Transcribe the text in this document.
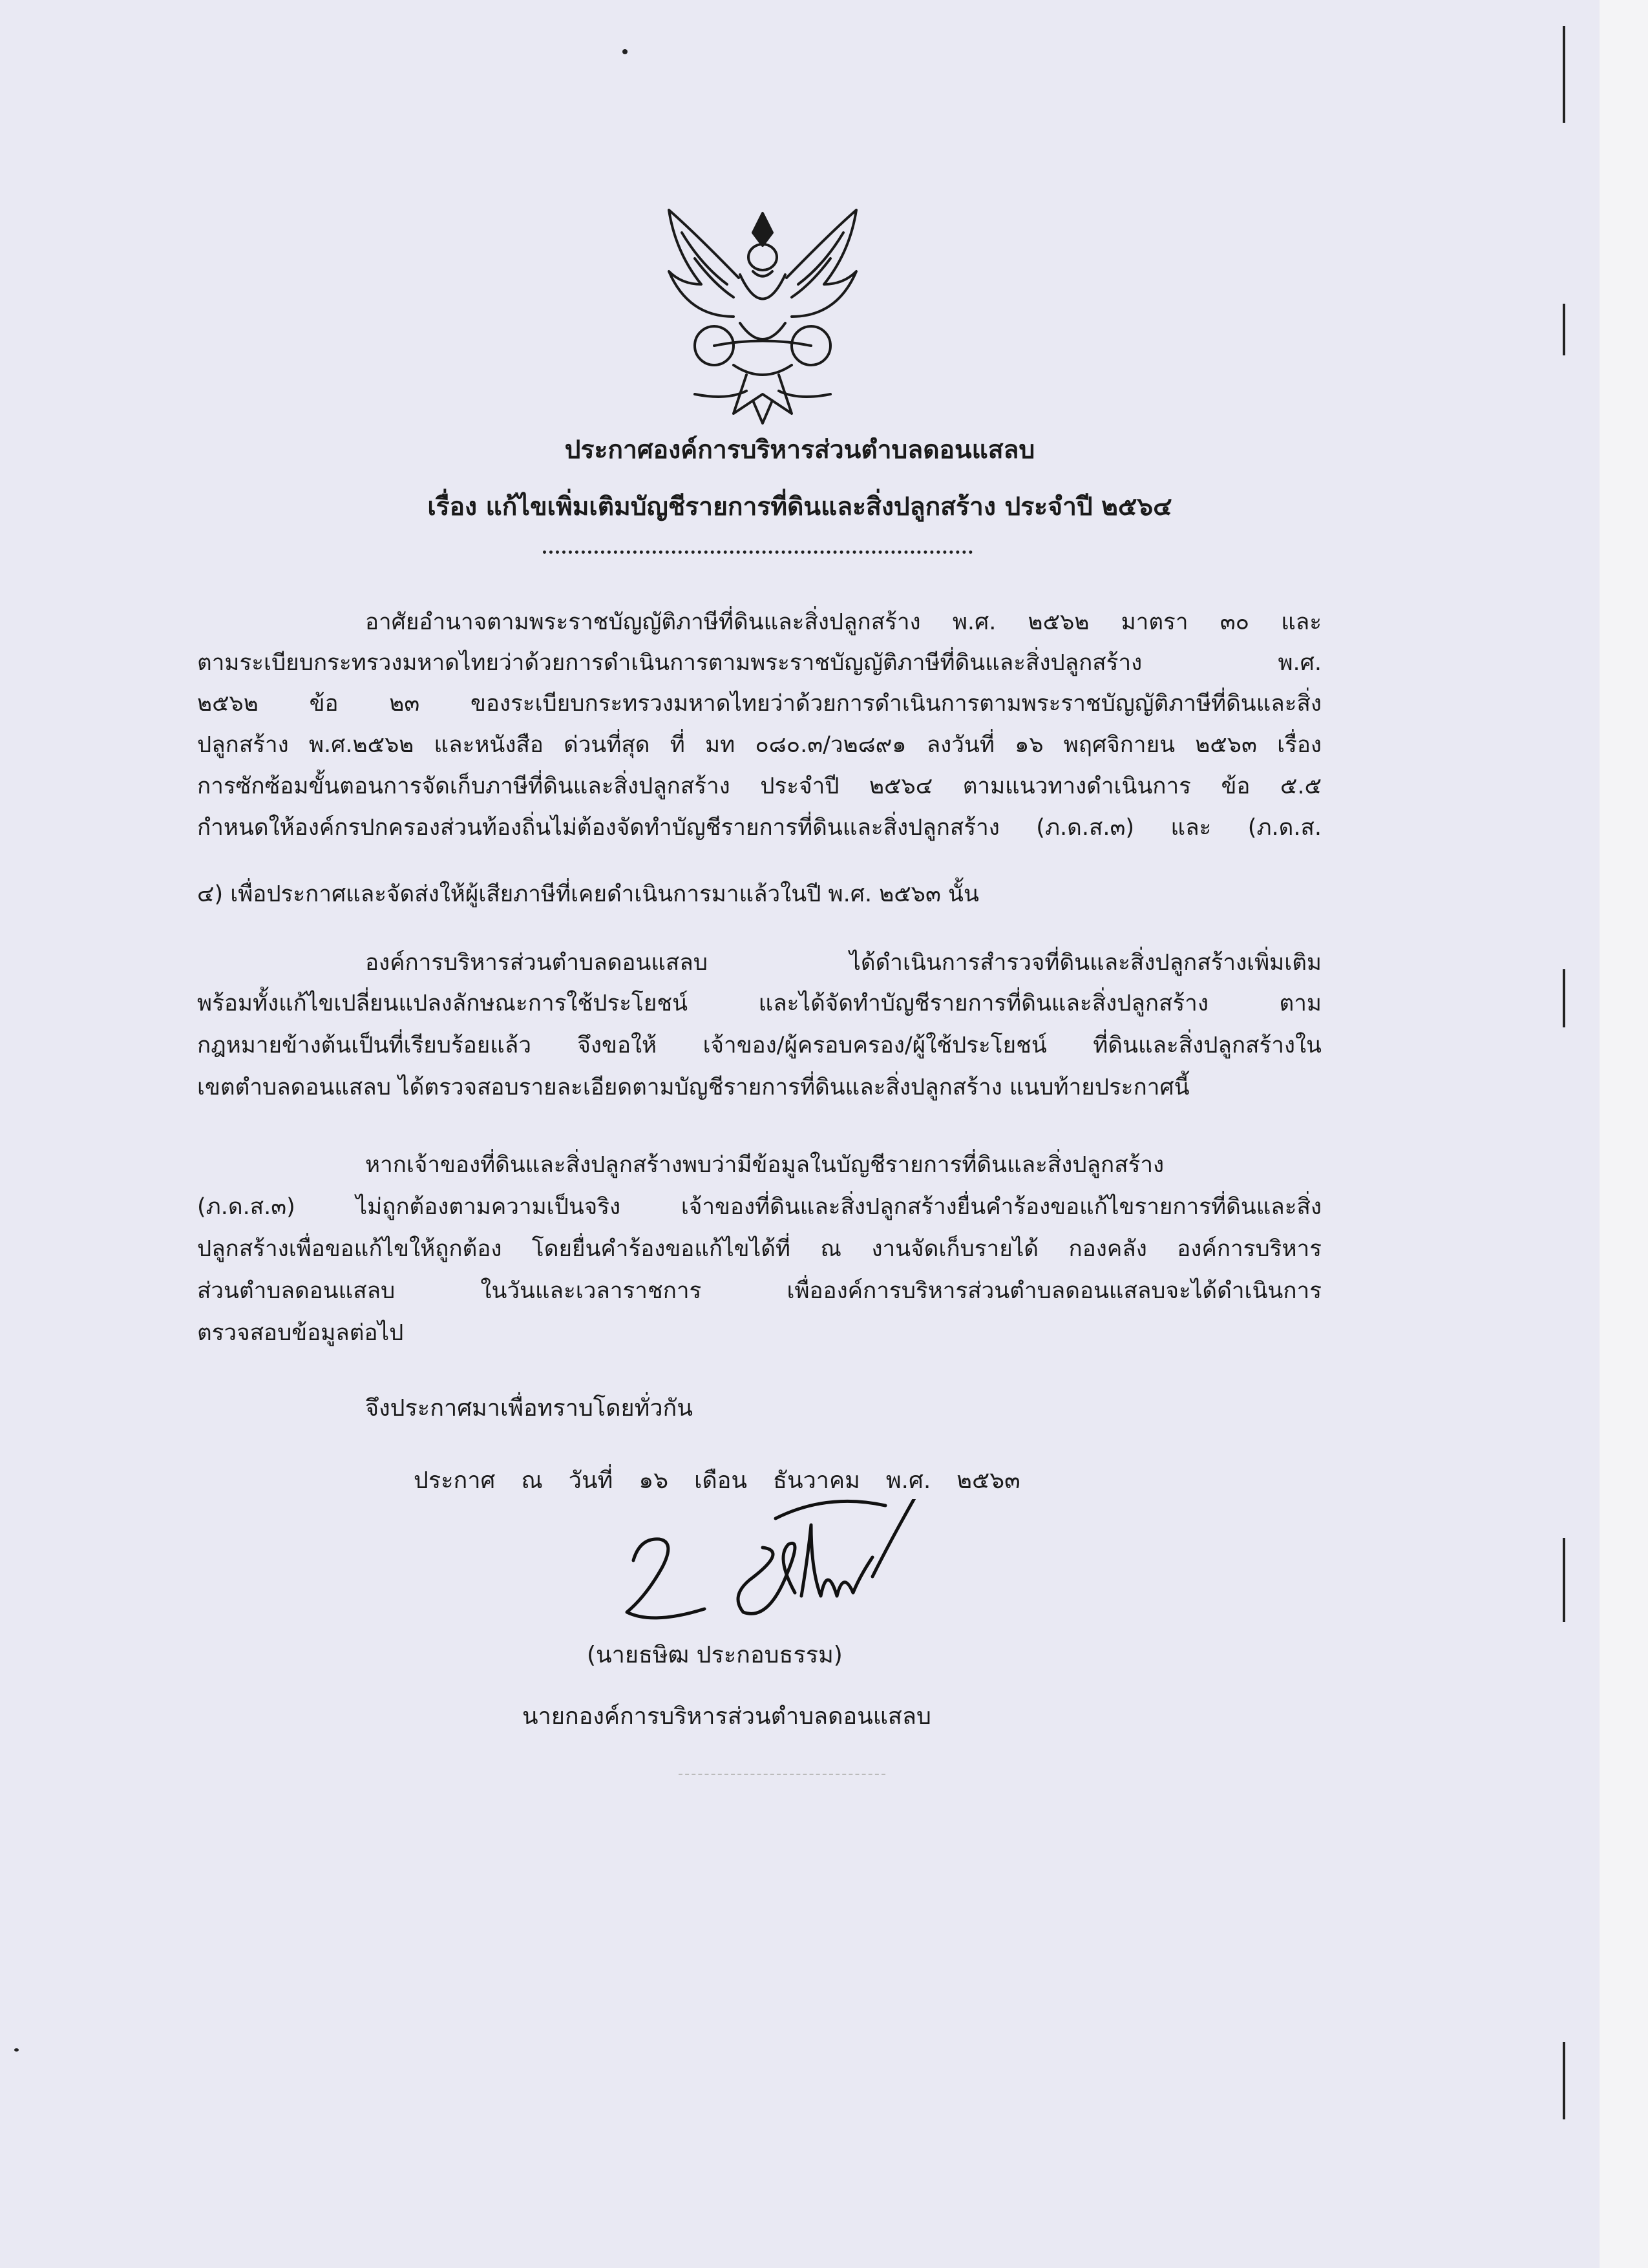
ประกาศองค์การบริหารส่วนตำบลดอนแสลบ
เรื่อง แก้ไขเพิ่มเติมบัญชีรายการที่ดินและสิ่งปลูกสร้าง ประจำปี ๒๕๖๔
อาศัยอำนาจตามพระราชบัญญัติภาษีที่ดินและสิ่งปลูกสร้าง พ.ศ. ๒๕๖๒ มาตรา ๓๐ และ
ตามระเบียบกระทรวงมหาดไทยว่าด้วยการดำเนินการตามพระราชบัญญัติภาษีที่ดินและสิ่งปลูกสร้าง พ.ศ.
๒๕๖๒ ข้อ ๒๓ ของระเบียบกระทรวงมหาดไทยว่าด้วยการดำเนินการตามพระราชบัญญัติภาษีที่ดินและสิ่ง
ปลูกสร้าง พ.ศ.๒๕๖๒ และหนังสือ ด่วนที่สุด ที่ มท ๐๘๐.๓/ว๒๘๙๑ ลงวันที่ ๑๖ พฤศจิกายน ๒๕๖๓ เรื่อง
การซักซ้อมขั้นตอนการจัดเก็บภาษีที่ดินและสิ่งปลูกสร้าง ประจำปี ๒๕๖๔ ตามแนวทางดำเนินการ ข้อ ๕.๕
กำหนดให้องค์กรปกครองส่วนท้องถิ่นไม่ต้องจัดทำบัญชีรายการที่ดินและสิ่งปลูกสร้าง (ภ.ด.ส.๓) และ (ภ.ด.ส.
๔) เพื่อประกาศและจัดส่งให้ผู้เสียภาษีที่เคยดำเนินการมาแล้วในปี พ.ศ. ๒๕๖๓ นั้น
องค์การบริหารส่วนตำบลดอนแสลบ ได้ดำเนินการสำรวจที่ดินและสิ่งปลูกสร้างเพิ่มเติม
พร้อมทั้งแก้ไขเปลี่ยนแปลงลักษณะการใช้ประโยชน์ และได้จัดทำบัญชีรายการที่ดินและสิ่งปลูกสร้าง ตาม
กฎหมายข้างต้นเป็นที่เรียบร้อยแล้ว จึงขอให้ เจ้าของ/ผู้ครอบครอง/ผู้ใช้ประโยชน์ ที่ดินและสิ่งปลูกสร้างใน
เขตตำบลดอนแสลบ ได้ตรวจสอบรายละเอียดตามบัญชีรายการที่ดินและสิ่งปลูกสร้าง แนบท้ายประกาศนี้
หากเจ้าของที่ดินและสิ่งปลูกสร้างพบว่ามีข้อมูลในบัญชีรายการที่ดินและสิ่งปลูกสร้าง
(ภ.ด.ส.๓) ไม่ถูกต้องตามความเป็นจริง เจ้าของที่ดินและสิ่งปลูกสร้างยื่นคำร้องขอแก้ไขรายการที่ดินและสิ่ง
ปลูกสร้างเพื่อขอแก้ไขให้ถูกต้อง โดยยื่นคำร้องขอแก้ไขได้ที่ ณ งานจัดเก็บรายได้ กองคลัง องค์การบริหาร
ส่วนตำบลดอนแสลบ ในวันและเวลาราชการ เพื่อองค์การบริหารส่วนตำบลดอนแสลบจะได้ดำเนินการ
ตรวจสอบข้อมูลต่อไป
จึงประกาศมาเพื่อทราบโดยทั่วกัน
ประกาศ ณ วันที่ ๑๖ เดือน ธันวาคม พ.ศ. ๒๕๖๓
(นายธษิฒ ประกอบธรรม)
นายกองค์การบริหารส่วนตำบลดอนแสลบ
